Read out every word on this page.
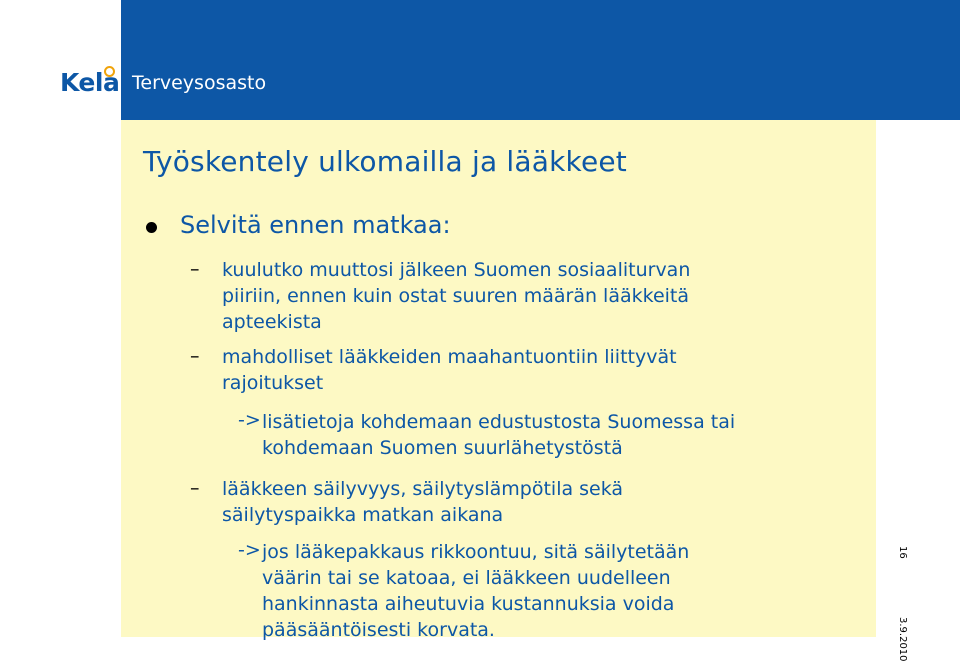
Kela Terveysosasto
Työskentely ulkomailla ja lääkkeet
Selvitä ennen matkaa:
– kuulutko muuttosi jälkeen Suomen sosiaaliturvan
piiriin, ennen kuin ostat suuren määrän lääkkeitä
apteekista
– mahdolliset lääkkeiden maahantuontiin liittyvät
rajoitukset
-> lisätietoja kohdemaan edustustosta Suomessa tai
kohdemaan Suomen suurlähetystöstä
– lääkkeen säilyvyys, säilytyslämpötila sekä
säilytyspaikka matkan aikana
-> jos lääkepakkaus rikkoontuu, sitä säilytetään
väärin tai se katoaa, ei lääkkeen uudelleen
hankinnasta aiheutuvia kustannuksia voida
pääsääntöisesti korvata.
16
3.9.2010
